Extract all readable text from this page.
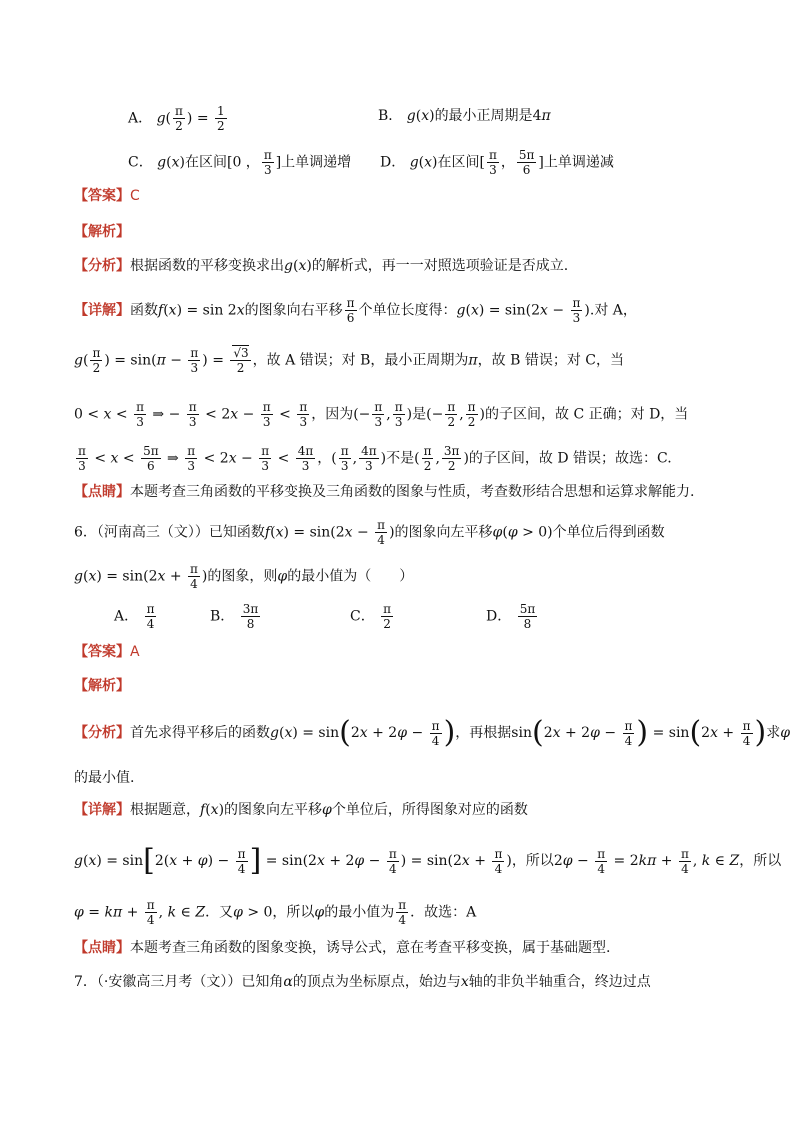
A． $g( \frac{\pi}{2}$ ) = $\frac{1}{2}$	B． g(x)的最小正周期是4π
C． g(x)在区间[0 ， $\frac{\pi}{3}$ ]上单调递增 D． g(x)在区间[ $\frac{\pi}{3}$ ， $\frac{5\pi}{6}$ ]上单调递减
【答案】C
【解析】
【分析】根据函数的平移变换求出g(x)的解析式，再一一对照选项验证是否成立.
【详解】函数f(x) = sin 2x的图象向右平移 $\frac{\pi}{6}$ 个单位长度得：$g(x) = \sin(2x - \frac{\pi}{3}$ ).对 A，
$g( \frac{\pi}{2}$ ) = $\sin(\pi - \frac{\pi}{3}$ ) = $\frac{√3}{2}$ ，故 A 错误；对 B，最小正周期为π，故 B 错误；对 C，当
$0 < x < \frac{\pi}{3}$ ⇒ − $\frac{\pi}{3} < 2x - \frac{\pi}{3} < \frac{\pi}{3}$ ，因为(− $\frac{\pi}{3}$ , $\frac{\pi}{3}$ )是(− $\frac{\pi}{2}$ , $\frac{\pi}{2}$ )的子区间，故 C 正确；对 D，当
$\frac{\pi}{3} < x < \frac{5\pi}{6}$ ⇒ $\frac{\pi}{3} < 2x - \frac{\pi}{3} < \frac{4\pi}{3}$ ，( $\frac{\pi}{3}$ , $\frac{4\pi}{3}$ )不是( $\frac{\pi}{2}$ , $\frac{3\pi}{2}$ )的子区间，故 D 错误；故选：C.
【点睛】本题考查三角函数的平移变换及三角函数的图象与性质，考查数形结合思想和运算求解能力.
6．（河南高三（文））已知函数$f(x) = \sin(2x - \frac{\pi}{4}$ )的图象向左平移φ(φ > 0)个单位后得到函数
$g(x) = \sin(2x + \frac{\pi}{4}$ )的图象，则φ的最小值为（　　）
A． $\frac{\pi}{4}$	B． $\frac{3\pi}{8}$	C． $\frac{\pi}{2}$	D． $\frac{5\pi}{8}$
【答案】A
【解析】
【分析】首先求得平移后的函数$g(x) = \sin(2x + 2\varphi - \frac{\pi}{4}$ )，再根据$\sin(2x + 2\varphi - \frac{\pi}{4}$ ) = $\sin(2x + \frac{\pi}{4}$ )求φ
的最小值.
【详解】根据题意，f(x)的图象向左平移φ个单位后，所得图象对应的函数
$g(x) = \sin[2(x + \varphi) - \frac{\pi}{4}$ ] = $\sin(2x + 2\varphi - \frac{\pi}{4}$ ) = $\sin(2x + \frac{\pi}{4}$ )，所以$2\varphi - \frac{\pi}{4} = 2k\pi + \frac{\pi}{4}$ , k ∈ Z，所以
$\varphi = k\pi + \frac{\pi}{4}$ , k ∈ Z．又φ > 0，所以φ的最小值为 $\frac{\pi}{4}$ ．故选：A
【点睛】本题考查三角函数的图象变换，诱导公式，意在考查平移变换，属于基础题型.
7．（·安徽高三月考（文））已知角α的顶点为坐标原点，始边与x轴的非负半轴重合，终边过点
